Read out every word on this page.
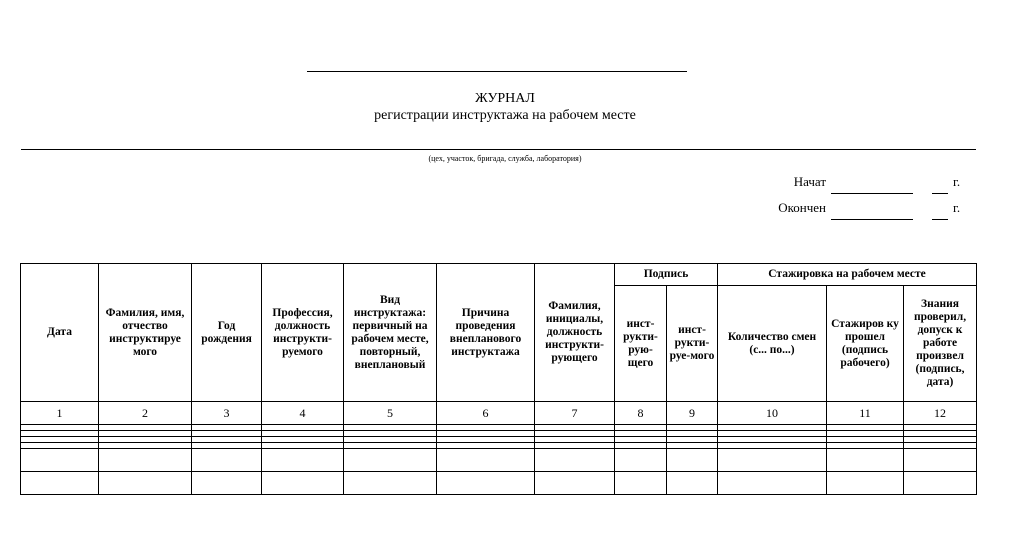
ЖУРНАЛ
регистрации инструктажа на рабочем месте
(цех, участок, бригада, служба, лаборатория)
Начат	г.
Окончен	г.
Дата	Фамилия, имя, отчество инструктируе мого	Год рождения	Профессия, должность инструкти-руемого	Вид инструктажа: первичный на рабочем месте, повторный, внеплановый	Причина проведения внепланового инструктажа	Фамилия, инициалы, должность инструкти-рующего	Подпись		Стажировка на рабочем месте		
							инст-рукти-рую-щего	инст-рукти-руе-мого	Количество смен (с... по...)	Стажиров ку прошел (подпись рабочего)	Знания проверил, допуск к работе произвел (подпись, дата)
1	2	3	4	5	6	7	8	9	10	11	12
